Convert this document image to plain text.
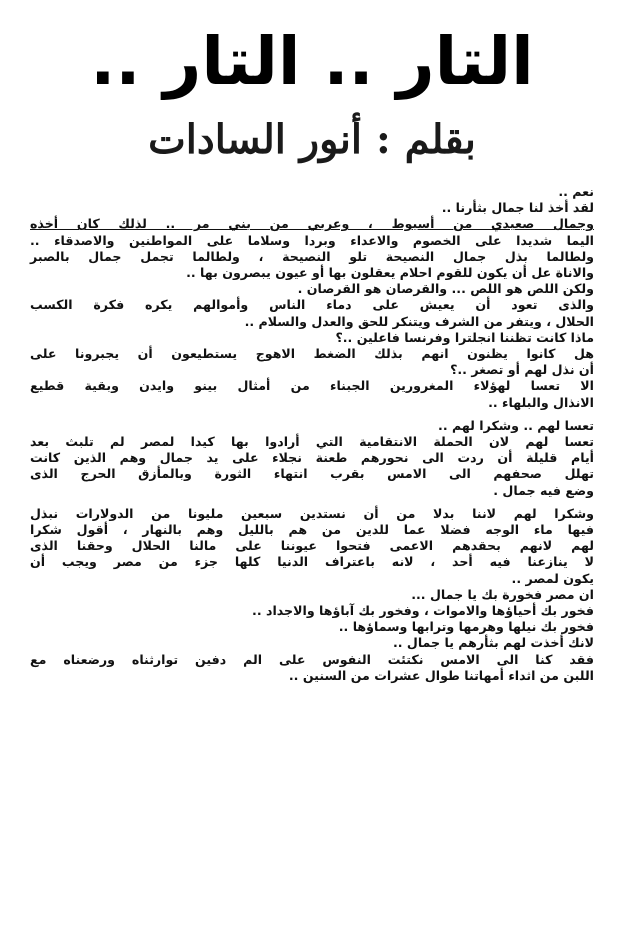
التار .. التار ..
بقلم : أنور السادات

نعم ..

لقد أخذ لنا جمال بثأرنا ..

وجمال صعيدي من أسيوط ، وعربي من بني مر .. لذلك كان أخذه

اليما شديدا على الخصوم والاعداء وبردا وسلاما على المواطنين والاصدقاء ..

ولطالما بذل جمال النصيحة تلو النصيحة ، ولطالما تجمل جمال بالصبر

والاناة عل أن يكون للقوم احلام يعقلون بها أو عيون يبصرون بها ..

ولكن اللص هو اللص ... والقرصان هو القرصان .

والذى تعود أن يعيش على دماء الناس وأموالهم يكره فكرة الكسب

الحلال ، ويتفر من الشرف ويتنكر للحق والعدل والسلام ..

ماذا كانت تظننا انجلترا وفرنسا فاعلين ..؟

هل كانوا يظنون انهم بذلك الضغط الاهوج يستطيعون أن يجبرونا على

أن نذل لهم أو تصغر ..؟

الا تعسا لهؤلاء المغرورين الجبناء من أمثال بينو وايدن وبقية قطيع

الانذال والبلهاء ..

تعسا لهم .. وشكرا لهم ..

تعسا لهم لان الحملة الانتقامية التي أرادوا بها كيدا لمصر لم تلبث بعد

أيام قليلة أن ردت الى نحورهم طعنة نجلاء على يد جمال وهم الذين كانت

تهلل صحفهم الى الامس بقرب انتهاء الثورة وبالمأزق الحرج الذى

وضع فيه جمال .

وشكرا لهم لاننا بدلا من أن نستدين سبعين مليونا من الدولارات نبذل

فيها ماء الوجه فضلا عما للدين من هم بالليل وهم بالنهار ، أقول شكرا

لهم لانهم بحقدهم الاعمى فتحوا عيوننا على مالنا الحلال وحقنا الذى

لا ينازعنا فيه أحد ، لانه باعتراف الدنيا كلها جزء من مصر ويجب أن

يكون لمصر ..

ان مصر فخورة بك يا جمال ...

فخور بك أحياؤها والاموات ، وفخور بك آباؤها والاجداد ..

فخور بك نيلها وهرمها وترابها وسماؤها ..

لانك أخذت لهم بثأرهم يا جمال ..

فقد كنا الى الامس نكتئت النفوس على الم دفين توارثناه ورضعناه مع

اللبن من اثداء أمهاتنا طوال عشرات من السنين ..
